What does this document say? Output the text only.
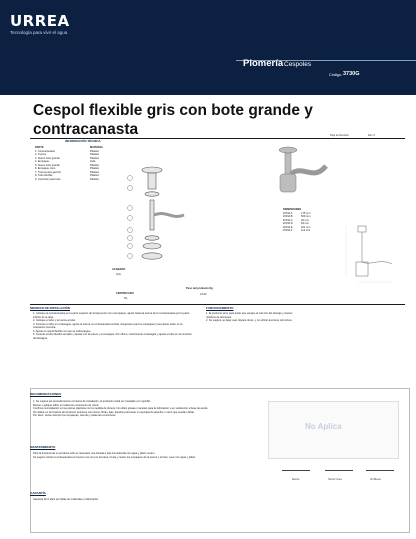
URREA
Tecnología para vivir el agua
Plomería Cespoles
Código: 3730G
Cespol flexible gris con bote grande y contracanasta	Hoja de Revisión	Rev. 0
INFORMACIÓN TÉCNICA
PARTE	MATERIAL
1. Contracanasta	Plástico
2. Tuerca	Plástico
3. Sueco tubo grande	Plástico
4. Empaque	Hule
5. Sueco tubo grande	Plástico
6. Empaque cono	Plástico
7. Tuerca para gancho	Plástico
8. Tubo flexible	Plástico
9. Conexión para bote	Plástico
DIMENSIONES
ZONA A	175 mm
ZONA B	500 mm
ZONA C	92 mm
ZONA D	93 mm
ZONA E	421 mm
ZONA F	113 mm
ACABADO
Gris
Peso del producto Kg
0.142
CERTIFICADO
No
MEDIDAS DE INSTALACIÓN
1. Coloque la contracanasta en la parte superior de la tarja junto con el empaque, ajuste hasta la tuerca de la contracanasta por la parte inferior de la tarja.
2. Coloque el tubo y la tuerca al tubo.
3. Conecte el tubo en el desagüe, ajuste la tuerca, la contracanasta al bote. Asegúrese que los empaques y las piezas estén en la colocación correcta.
4. Ajuste el cespol flexible sin que se sobrecargue.
5. Cuando el tubo flexible armado y ajustar con la tuerca y el empaque. Por último, interconecte el desagüe y ajuste el tubo en la conexión del desagüe.
FUNCIONAMIENTO
1. El producto sirve para evitar que escape el mal olor del drenaje y retener residuos de alimentos.
2. Se sugiere no dejar caer objetos duros, y no utilizar químicos corrosivos.
RECOMENDACIONES
1. Se sugiere los procedimientos correctos de instalación, el producto podrá ser instalado con tupinillo.
Revise y aplique teflón en todas las conexiones de rosca.
Confirme la instalación en las piezas plásticas con la medida de dureza. No utilice grasas ni aceites para la lubricación o en sustitución a base de aceite.
No utilizar en la limpieza del producto químicos corrosivos, fibras, lijas, líquidos para lavar ni esponjas de alambre u otros que puedan dañar.
Por favor, revise siempre los empaques, tuercas y todas las conexiones.
No Aplica
MANTENIMIENTO
Para la limpieza de su producto sólo es necesario una franela o tela humedecida con agua y jabón neutro.
Se sugiere retirar la contracanasta al menos una vez por semana, limpie y revise los empaques de la tuerca y el bote. Lave con agua y jabón.
GARANTÍA
Garantía de 5 años por fallas de materiales o fabricación.
Revisó	Hecho Urrea	Vio Bueno
